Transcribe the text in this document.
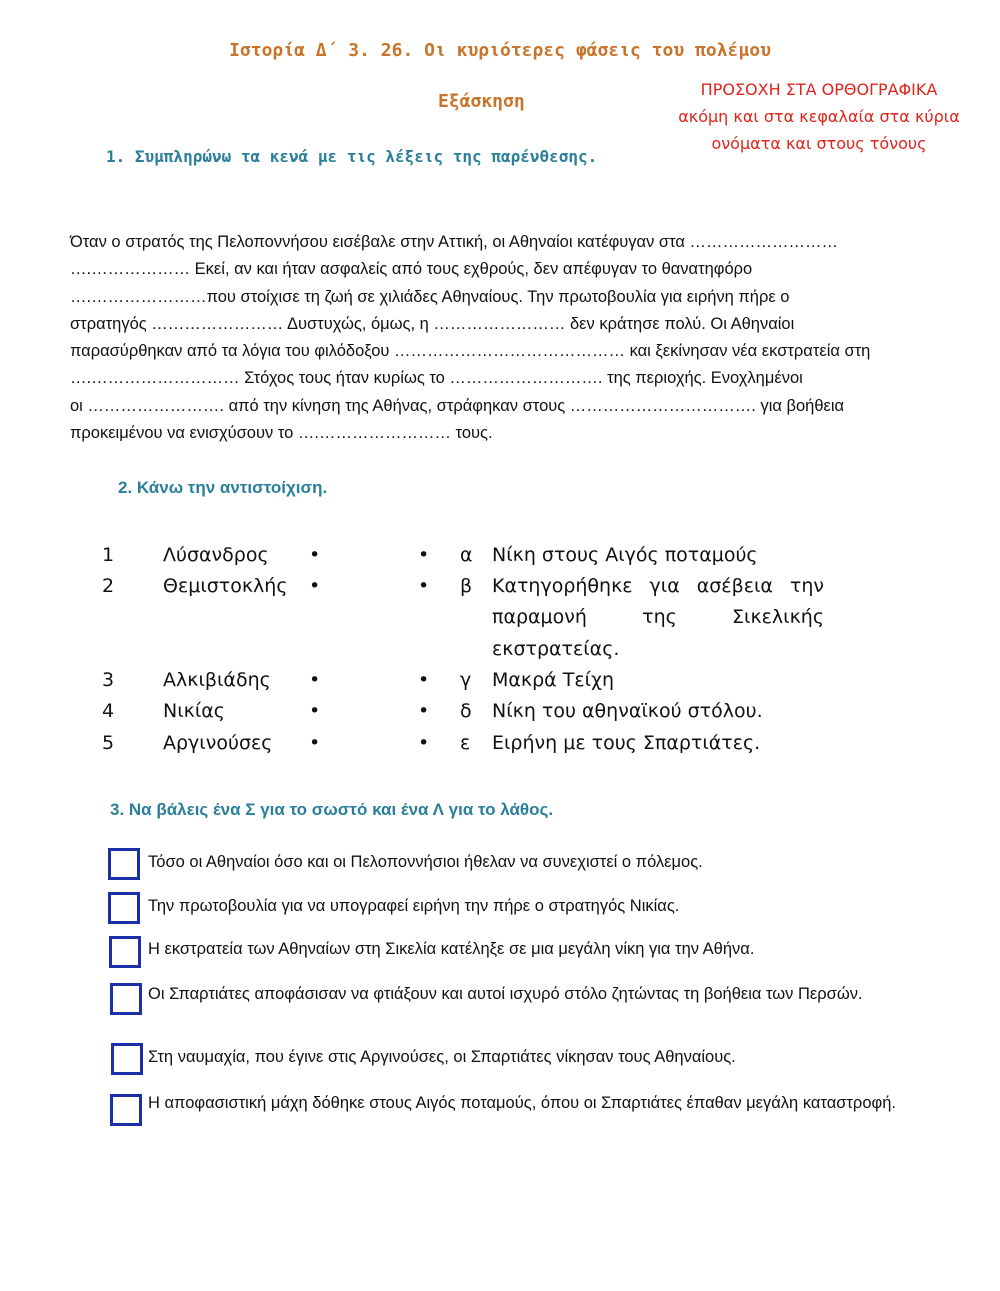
Ιστορία Δ΄ 3. 26. Οι κυριότερες φάσεις του πολέμου
Εξάσκηση
ΠΡΟΣΟΧΗ ΣΤΑ ΟΡΘΟΓΡΑΦΙΚΑ
ακόμη και στα κεφαλαία στα κύρια
ονόματα και στους τόνους
1. Συμπληρώνω τα κενά με τις λέξεις της παρένθεσης.
Όταν ο στρατός της Πελοποννήσου εισέβαλε στην Αττική, οι Αθηναίοι κατέφυγαν στα ………………………
….……………… Εκεί, αν και ήταν ασφαλείς από τους εχθρούς, δεν απέφυγαν το θανατηφόρο
….…………………που στοίχισε τη ζωή σε χιλιάδες Αθηναίους. Την πρωτοβουλία για ειρήνη πήρε ο
στρατηγός …………………… Δυστυχώς, όμως, η …………………… δεν κράτησε πολύ. Οι Αθηναίοι
παρασύρθηκαν από τα λόγια του φιλόδοξου …………………………………… και ξεκίνησαν νέα εκστρατεία στη
….……………………… Στόχος τους ήταν κυρίως το ………………………. της περιοχής. Ενοχλημένοι
οι ……………………. από την κίνηση της Αθήνας, στράφηκαν στους ……………………………. για βοήθεια
προκειμένου να ενισχύσουν το ….…………………… τους.
2. Κάνω την αντιστοίχιση.
1	Λύσανδρος •	• α Νίκη στους Αιγός ποταμούς
2	Θεμιστοκλής •	• β Κατηγορήθηκε για ασέβεια την
παραμονή της Σικελικής
εκστρατείας.
3	Αλκιβιάδης •	• γ Μακρά Τείχη
4	Νικίας	•	• δ Νίκη του αθηναϊκού στόλου.
5	Αργινούσες •	• ε Ειρήνη με τους Σπαρτιάτες.
3. Να βάλεις ένα Σ για το σωστό και ένα Λ για το λάθος.
Τόσο οι Αθηναίοι όσο και οι Πελοποννήσιοι ήθελαν να συνεχιστεί ο πόλεμος.
Την πρωτοβουλία για να υπογραφεί ειρήνη την πήρε ο στρατηγός Νικίας.
Η εκστρατεία των Αθηναίων στη Σικελία κατέληξε σε μια μεγάλη νίκη για την Αθήνα.
Οι Σπαρτιάτες αποφάσισαν να φτιάξουν και αυτοί ισχυρό στόλο ζητώντας τη βοήθεια των Περσών.
Στη ναυμαχία, που έγινε στις Αργινούσες, οι Σπαρτιάτες νίκησαν τους Αθηναίους.
Η αποφασιστική μάχη δόθηκε στους Αιγός ποταμούς, όπου οι Σπαρτιάτες έπαθαν μεγάλη καταστροφή.
